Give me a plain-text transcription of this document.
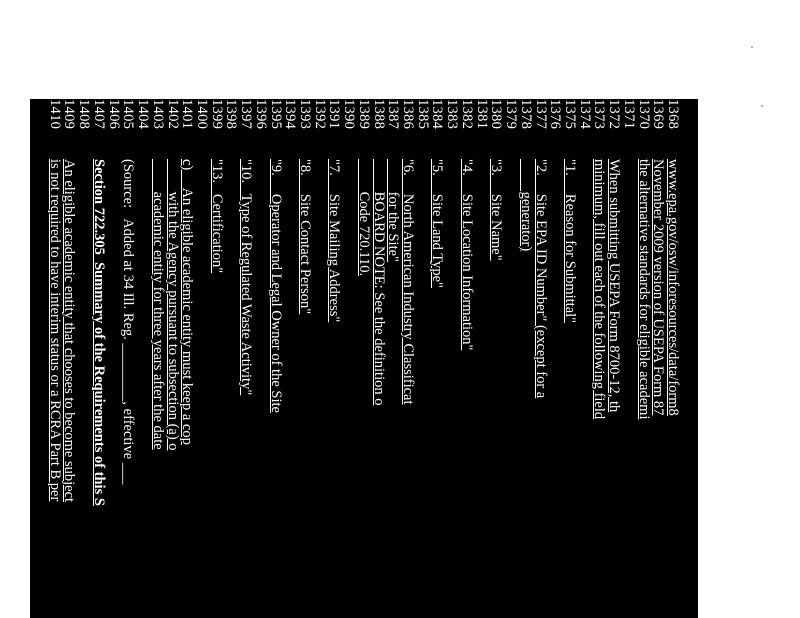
1368
www.epa.gov/osw/inforesources/data/form8
1369
November 2009 version of USEPA Form 87
1370
the alternative standards for eligible academi
1371
1372
When submitting USEPA Form 8700-12, th
1373
minimum, fill out each of the following field
1374
1375
"1.     Reason for Submittal"
1376
1377
"2.     Site EPA ID Number" (except for a
1378
generator)
1379
1380
"3.     Site Name"
1381
1382
"4.     Site Location Information"
1383
1384
"5.     Site Land Type"
1385
1386
"6.     North American Industry Classificat
1387
for the Site"
1388
BOARD NOTE: See the definition o
1389
Code 720.110.
1390
1391
"7.     Site Mailing Address"
1392
1393
"8.     Site Contact Person"
1394
1395
"9.     Operator and Legal Owner of the Site
1396
1397
"10.   Type of Regulated Waste Activity"
1398
1399
"13.   Certification"
1400
1401
c)     An eligible academic entity must keep a cop
1402
with the Agency pursuant to subsection (a) o
1403
academic entity for three years after the date
1404
1405
(Source:   Added at 34 Ill. Reg. ________, effective ___
1406
1407
Section 722.305  Summary of the Requirements of this S
1408
1409
An eligible academic entity that chooses to become subject
1410
is not required to have interim status or a RCRA Part B per
